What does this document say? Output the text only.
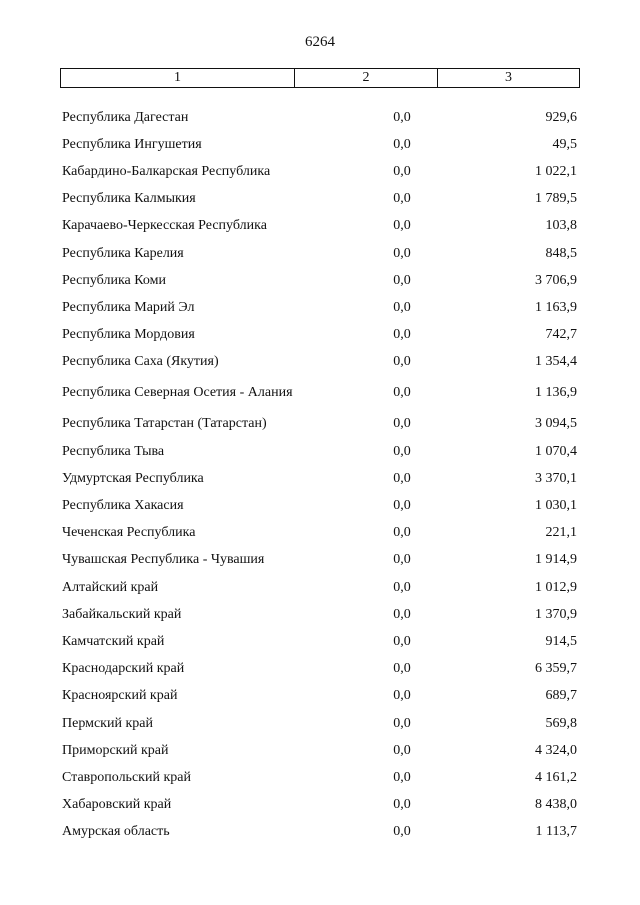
6264
1	2	3
Республика Дагестан	0,0	929,6
Республика Ингушетия	0,0	49,5
Кабардино-Балкарская Республика	0,0	1 022,1
Республика Калмыкия	0,0	1 789,5
Карачаево-Черкесская Республика	0,0	103,8
Республика Карелия	0,0	848,5
Республика Коми	0,0	3 706,9
Республика Марий Эл	0,0	1 163,9
Республика Мордовия	0,0	742,7
Республика Саха (Якутия)	0,0	1 354,4
Республика Северная Осетия - Алания	0,0	1 136,9
Республика Татарстан (Татарстан)	0,0	3 094,5
Республика Тыва	0,0	1 070,4
Удмуртская Республика	0,0	3 370,1
Республика Хакасия	0,0	1 030,1
Чеченская Республика	0,0	221,1
Чувашская Республика - Чувашия	0,0	1 914,9
Алтайский край	0,0	1 012,9
Забайкальский край	0,0	1 370,9
Камчатский край	0,0	914,5
Краснодарский край	0,0	6 359,7
Красноярский край	0,0	689,7
Пермский край	0,0	569,8
Приморский край	0,0	4 324,0
Ставропольский край	0,0	4 161,2
Хабаровский край	0,0	8 438,0
Амурская область	0,0	1 113,7
